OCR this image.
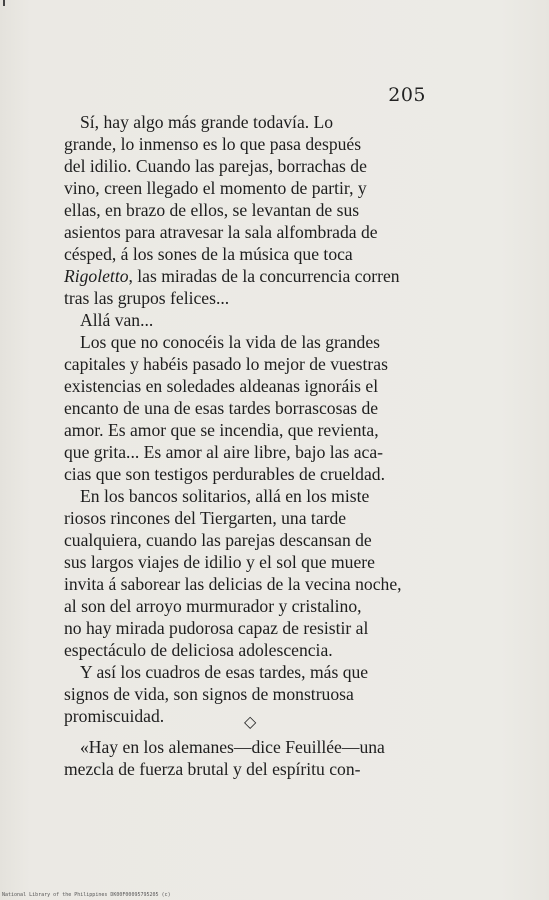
205

Sí, hay algo más grande todavía. Lo
grande, lo inmenso es lo que pasa después
del idilio. Cuando las parejas, borrachas de
vino, creen llegado el momento de partir, y
ellas, en brazo de ellos, se levantan de sus
asientos para atravesar la sala alfombrada de
césped, á los sones de la música que toca
Rigoletto, las miradas de la concurrencia corren
tras las grupos felices...

Allá van...

Los que no conocéis la vida de las grandes
capitales y habéis pasado lo mejor de vuestras
existencias en soledades aldeanas ignoráis el
encanto de una de esas tardes borrascosas de
amor. Es amor que se incendia, que revienta,
que grita... Es amor al aire libre, bajo las aca-
cias que son testigos perdurables de crueldad.

En los bancos solitarios, allá en los miste
riosos rincones del Tiergarten, una tarde
cualquiera, cuando las parejas descansan de
sus largos viajes de idilio y el sol que muere
invita á saborear las delicias de la vecina noche,
al son del arroyo murmurador y cristalino,
no hay mirada pudorosa capaz de resistir al
espectáculo de deliciosa adolescencia.

Y así los cuadros de esas tardes, más que
signos de vida, son signos de monstruosa
promiscuidad.	◇

«Hay en los alemanes—dice Feuillée—una
mezcla de fuerza brutal y del espíritu con-

National Library of the Philippines DK00F00095795205 (c)
